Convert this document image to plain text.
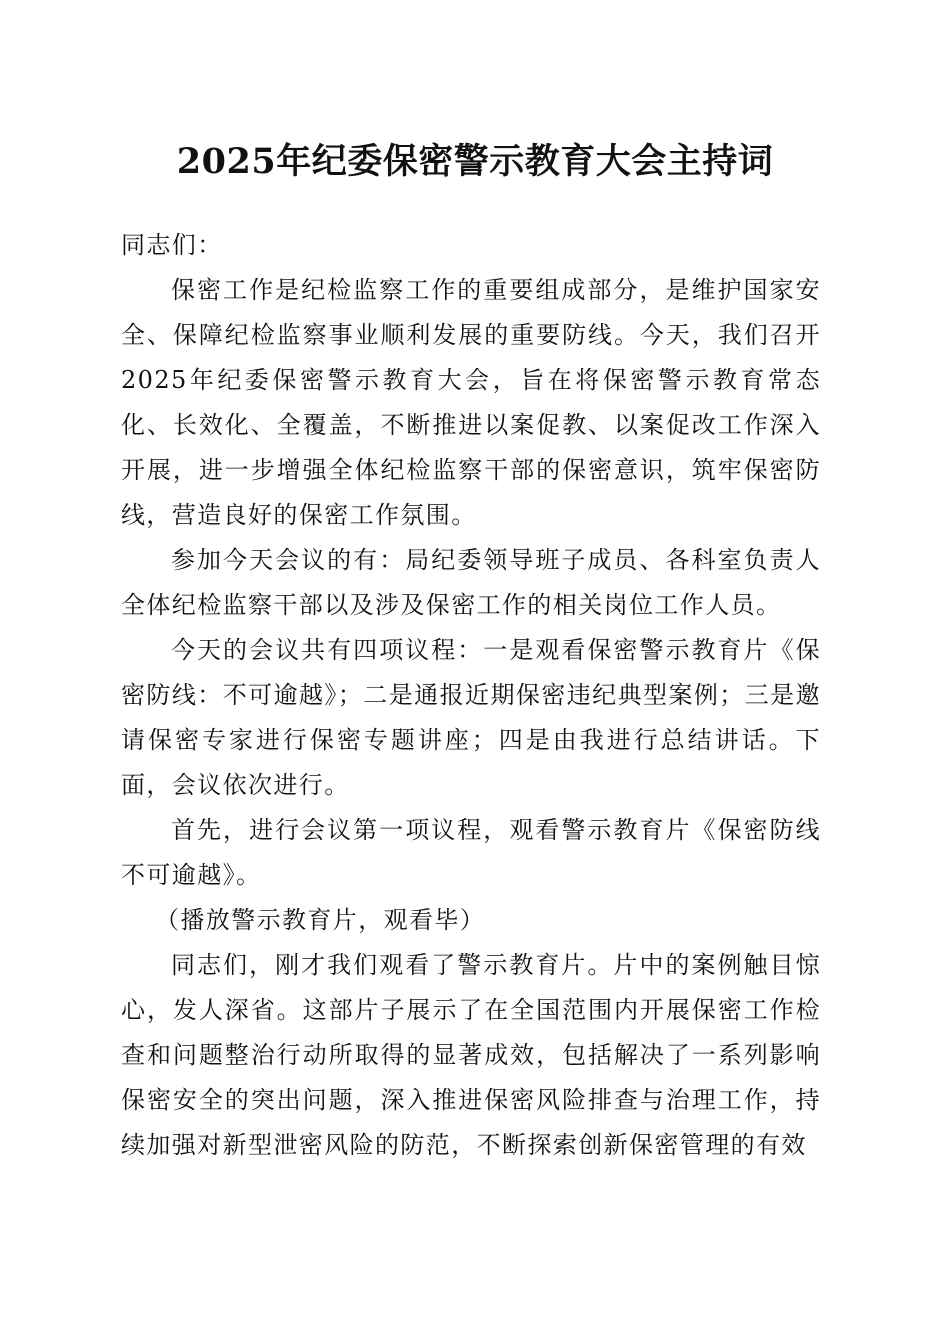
2025年纪委保密警示教育大会主持词

同志们：

保密工作是纪检监察工作的重要组成部分，是维护国家安全、保障纪检监察事业顺利发展的重要防线。今天，我们召开2025年纪委保密警示教育大会，旨在将保密警示教育常态化、长效化、全覆盖，不断推进以案促教、以案促改工作深入开展，进一步增强全体纪检监察干部的保密意识，筑牢保密防线，营造良好的保密工作氛围。

参加今天会议的有：局纪委领导班子成员、各科室负责人全体纪检监察干部以及涉及保密工作的相关岗位工作人员。

今天的会议共有四项议程：一是观看保密警示教育片《保密防线：不可逾越》；二是通报近期保密违纪典型案例；三是邀请保密专家进行保密专题讲座；四是由我进行总结讲话。下面，会议依次进行。

首先，进行会议第一项议程，观看警示教育片《保密防线不可逾越》。

（播放警示教育片，观看毕）

同志们，刚才我们观看了警示教育片。片中的案例触目惊心，发人深省。这部片子展示了在全国范围内开展保密工作检查和问题整治行动所取得的显著成效，包括解决了一系列影响保密安全的突出问题，深入推进保密风险排查与治理工作，持续加强对新型泄密风险的防范，不断探索创新保密管理的有效
